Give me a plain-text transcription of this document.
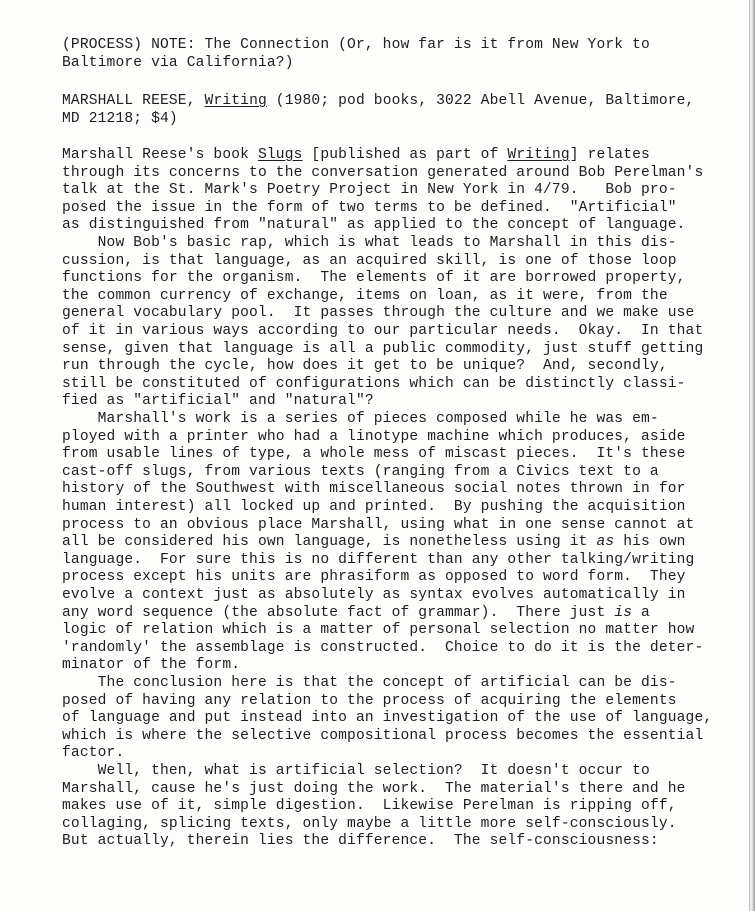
(PROCESS) NOTE: The Connection (Or, how far is it from New York to
Baltimore via California?)
MARSHALL REESE, Writing (1980; pod books, 3022 Abell Avenue, Baltimore,
MD 21218; $4)
Marshall Reese's book Slugs [published as part of Writing] relates
through its concerns to the conversation generated around Bob Perelman's
talk at the St. Mark's Poetry Project in New York in 4/79.   Bob pro-
posed the issue in the form of two terms to be defined.  "Artificial"
as distinguished from "natural" as applied to the concept of language.
Now Bob's basic rap, which is what leads to Marshall in this dis-
cussion, is that language, as an acquired skill, is one of those loop
functions for the organism.  The elements of it are borrowed property,
the common currency of exchange, items on loan, as it were, from the
general vocabulary pool.  It passes through the culture and we make use
of it in various ways according to our particular needs.  Okay.  In that
sense, given that language is all a public commodity, just stuff getting
run through the cycle, how does it get to be unique?  And, secondly,
still be constituted of configurations which can be distinctly classi-
fied as "artificial" and "natural"?
Marshall's work is a series of pieces composed while he was em-
ployed with a printer who had a linotype machine which produces, aside
from usable lines of type, a whole mess of miscast pieces.  It's these
cast-off slugs, from various texts (ranging from a Civics text to a
history of the Southwest with miscellaneous social notes thrown in for
human interest) all locked up and printed.  By pushing the acquisition
process to an obvious place Marshall, using what in one sense cannot at
all be considered his own language, is nonetheless using it as his own
language.  For sure this is no different than any other talking/writing
process except his units are phrasiform as opposed to word form.  They
evolve a context just as absolutely as syntax evolves automatically in
any word sequence (the absolute fact of grammar).  There just is a
logic of relation which is a matter of personal selection no matter how
'randomly' the assemblage is constructed.  Choice to do it is the deter-
minator of the form.
The conclusion here is that the concept of artificial can be dis-
posed of having any relation to the process of acquiring the elements
of language and put instead into an investigation of the use of language,
which is where the selective compositional process becomes the essential
factor.
Well, then, what is artificial selection?  It doesn't occur to
Marshall, cause he's just doing the work.  The material's there and he
makes use of it, simple digestion.  Likewise Perelman is ripping off,
collaging, splicing texts, only maybe a little more self-consciously.
But actually, therein lies the difference.  The self-consciousness:
